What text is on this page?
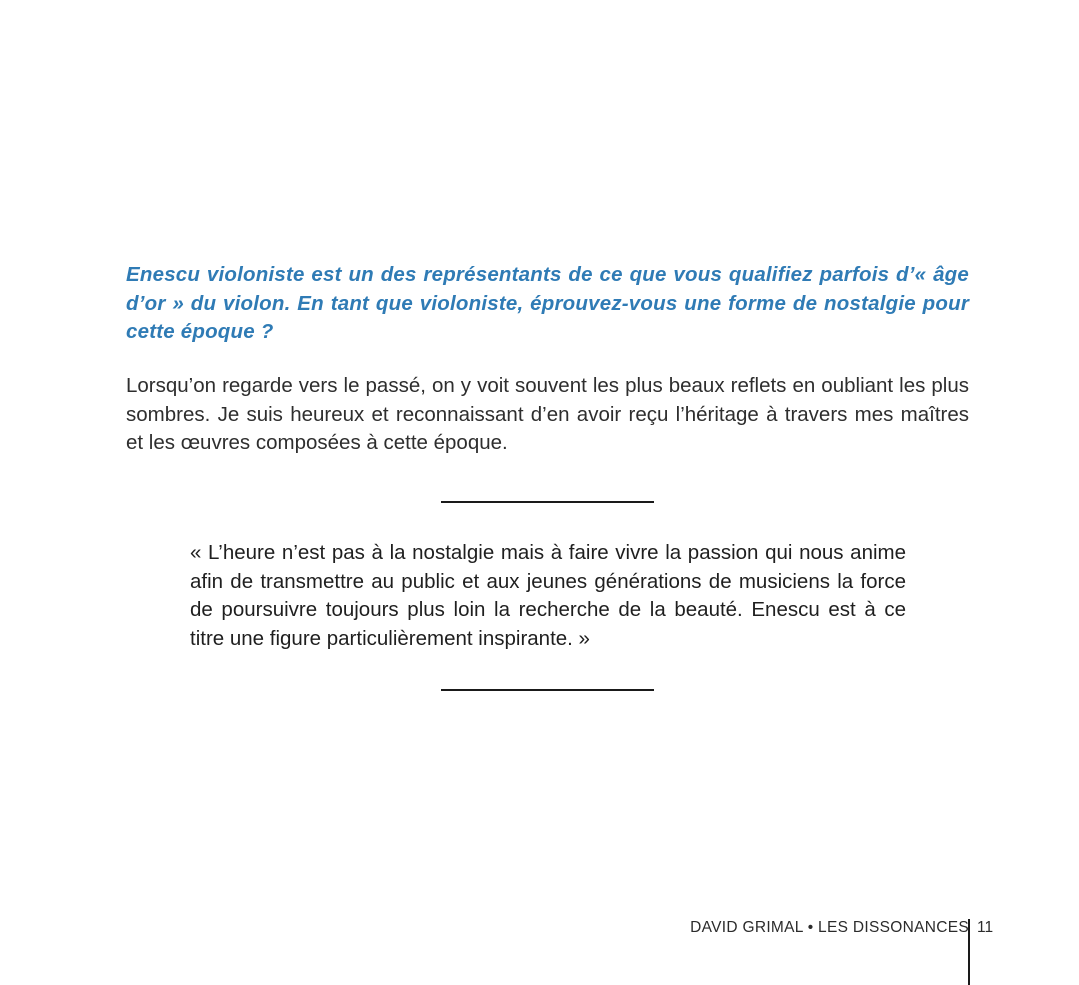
Enescu violoniste est un des représentants de ce que vous qualifiez parfois d’« âge d’or » du violon. En tant que violoniste, éprouvez-vous une forme de nostalgie pour cette époque ?

Lorsqu’on regarde vers le passé, on y voit souvent les plus beaux reflets en oubliant les plus sombres. Je suis heureux et reconnaissant d’en avoir reçu l’héritage à travers mes maîtres et les œuvres composées à cette époque.

« L’heure n’est pas à la nostalgie mais à faire vivre la passion qui nous anime afin de transmettre au public et aux jeunes générations de musiciens la force de poursuivre toujours plus loin la recherche de la beauté. Enescu est à ce titre une figure particulièrement inspirante. »

DAVID GRIMAL • LES DISSONANCES 11
